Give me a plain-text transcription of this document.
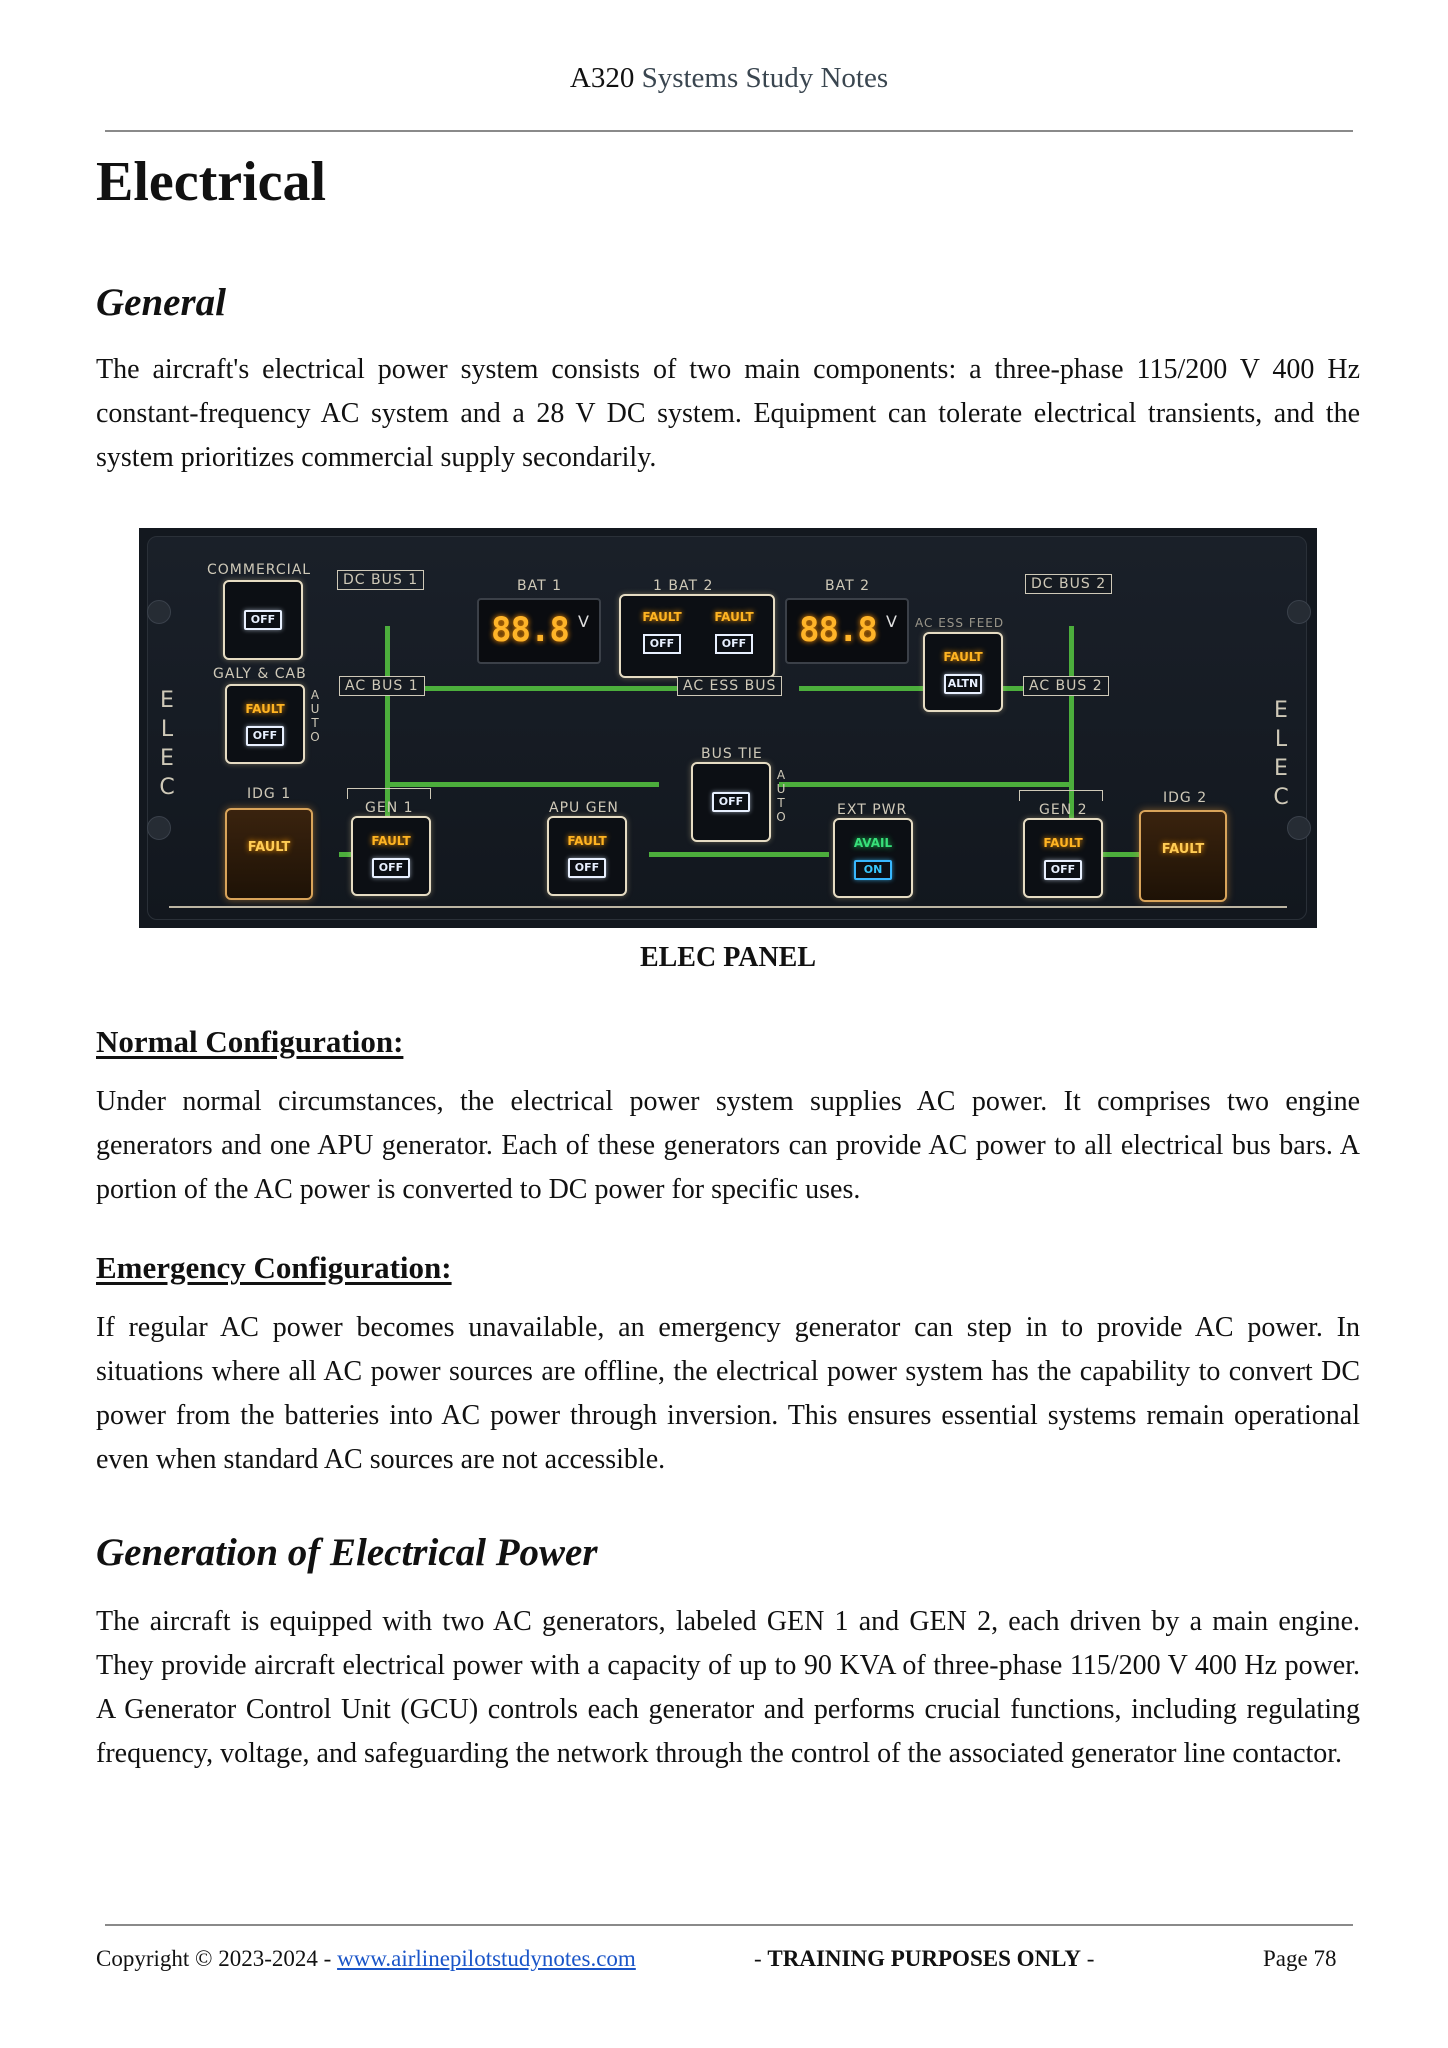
A320 Systems Study Notes
Electrical
General

The aircraft's electrical power system consists of two main components: a three-phase 115/200 V 400 Hz constant-frequency AC system and a 28 V DC system. Equipment can tolerate electrical transients, and the system prioritizes commercial supply secondarily.

ELEC
ELEC
COMMERCIAL
OFF
GALY & CAB
FAULT
OFF
AUTO
DC BUS 1
AC BUS 1
BAT 1
88.8 V
1 BAT 2
FAULT
OFF
FAULT
OFF
BAT 2
88.8 V
AC ESS BUS
AC ESS FEED
FAULT
ALTN
DC BUS 2
AC BUS 2
BUS TIE
OFF
AUTO
IDG 1
FAULT
GEN 1
FAULT
OFF
APU GEN
FAULT
OFF
EXT PWR
AVAIL
ON
GEN 2
FAULT
OFF
IDG 2
FAULT
ELEC PANEL
Normal Configuration:

Under normal circumstances, the electrical power system supplies AC power. It comprises two engine generators and one APU generator. Each of these generators can provide AC power to all electrical bus bars. A portion of the AC power is converted to DC power for specific uses.

Emergency Configuration:

If regular AC power becomes unavailable, an emergency generator can step in to provide AC power. In situations where all AC power sources are offline, the electrical power system has the capability to convert DC power from the batteries into AC power through inversion. This ensures essential systems remain operational even when standard AC sources are not accessible.

Generation of Electrical Power

The aircraft is equipped with two AC generators, labeled GEN 1 and GEN 2, each driven by a main engine. They provide aircraft electrical power with a capacity of up to 90 KVA of three-phase 115/200 V 400 Hz power. A Generator Control Unit (GCU) controls each generator and performs crucial functions, including regulating frequency, voltage, and safeguarding the network through the control of the associated generator line contactor.

Copyright © 2023-2024 - www.airlinepilotstudynotes.com	- TRAINING PURPOSES ONLY -	Page 78
